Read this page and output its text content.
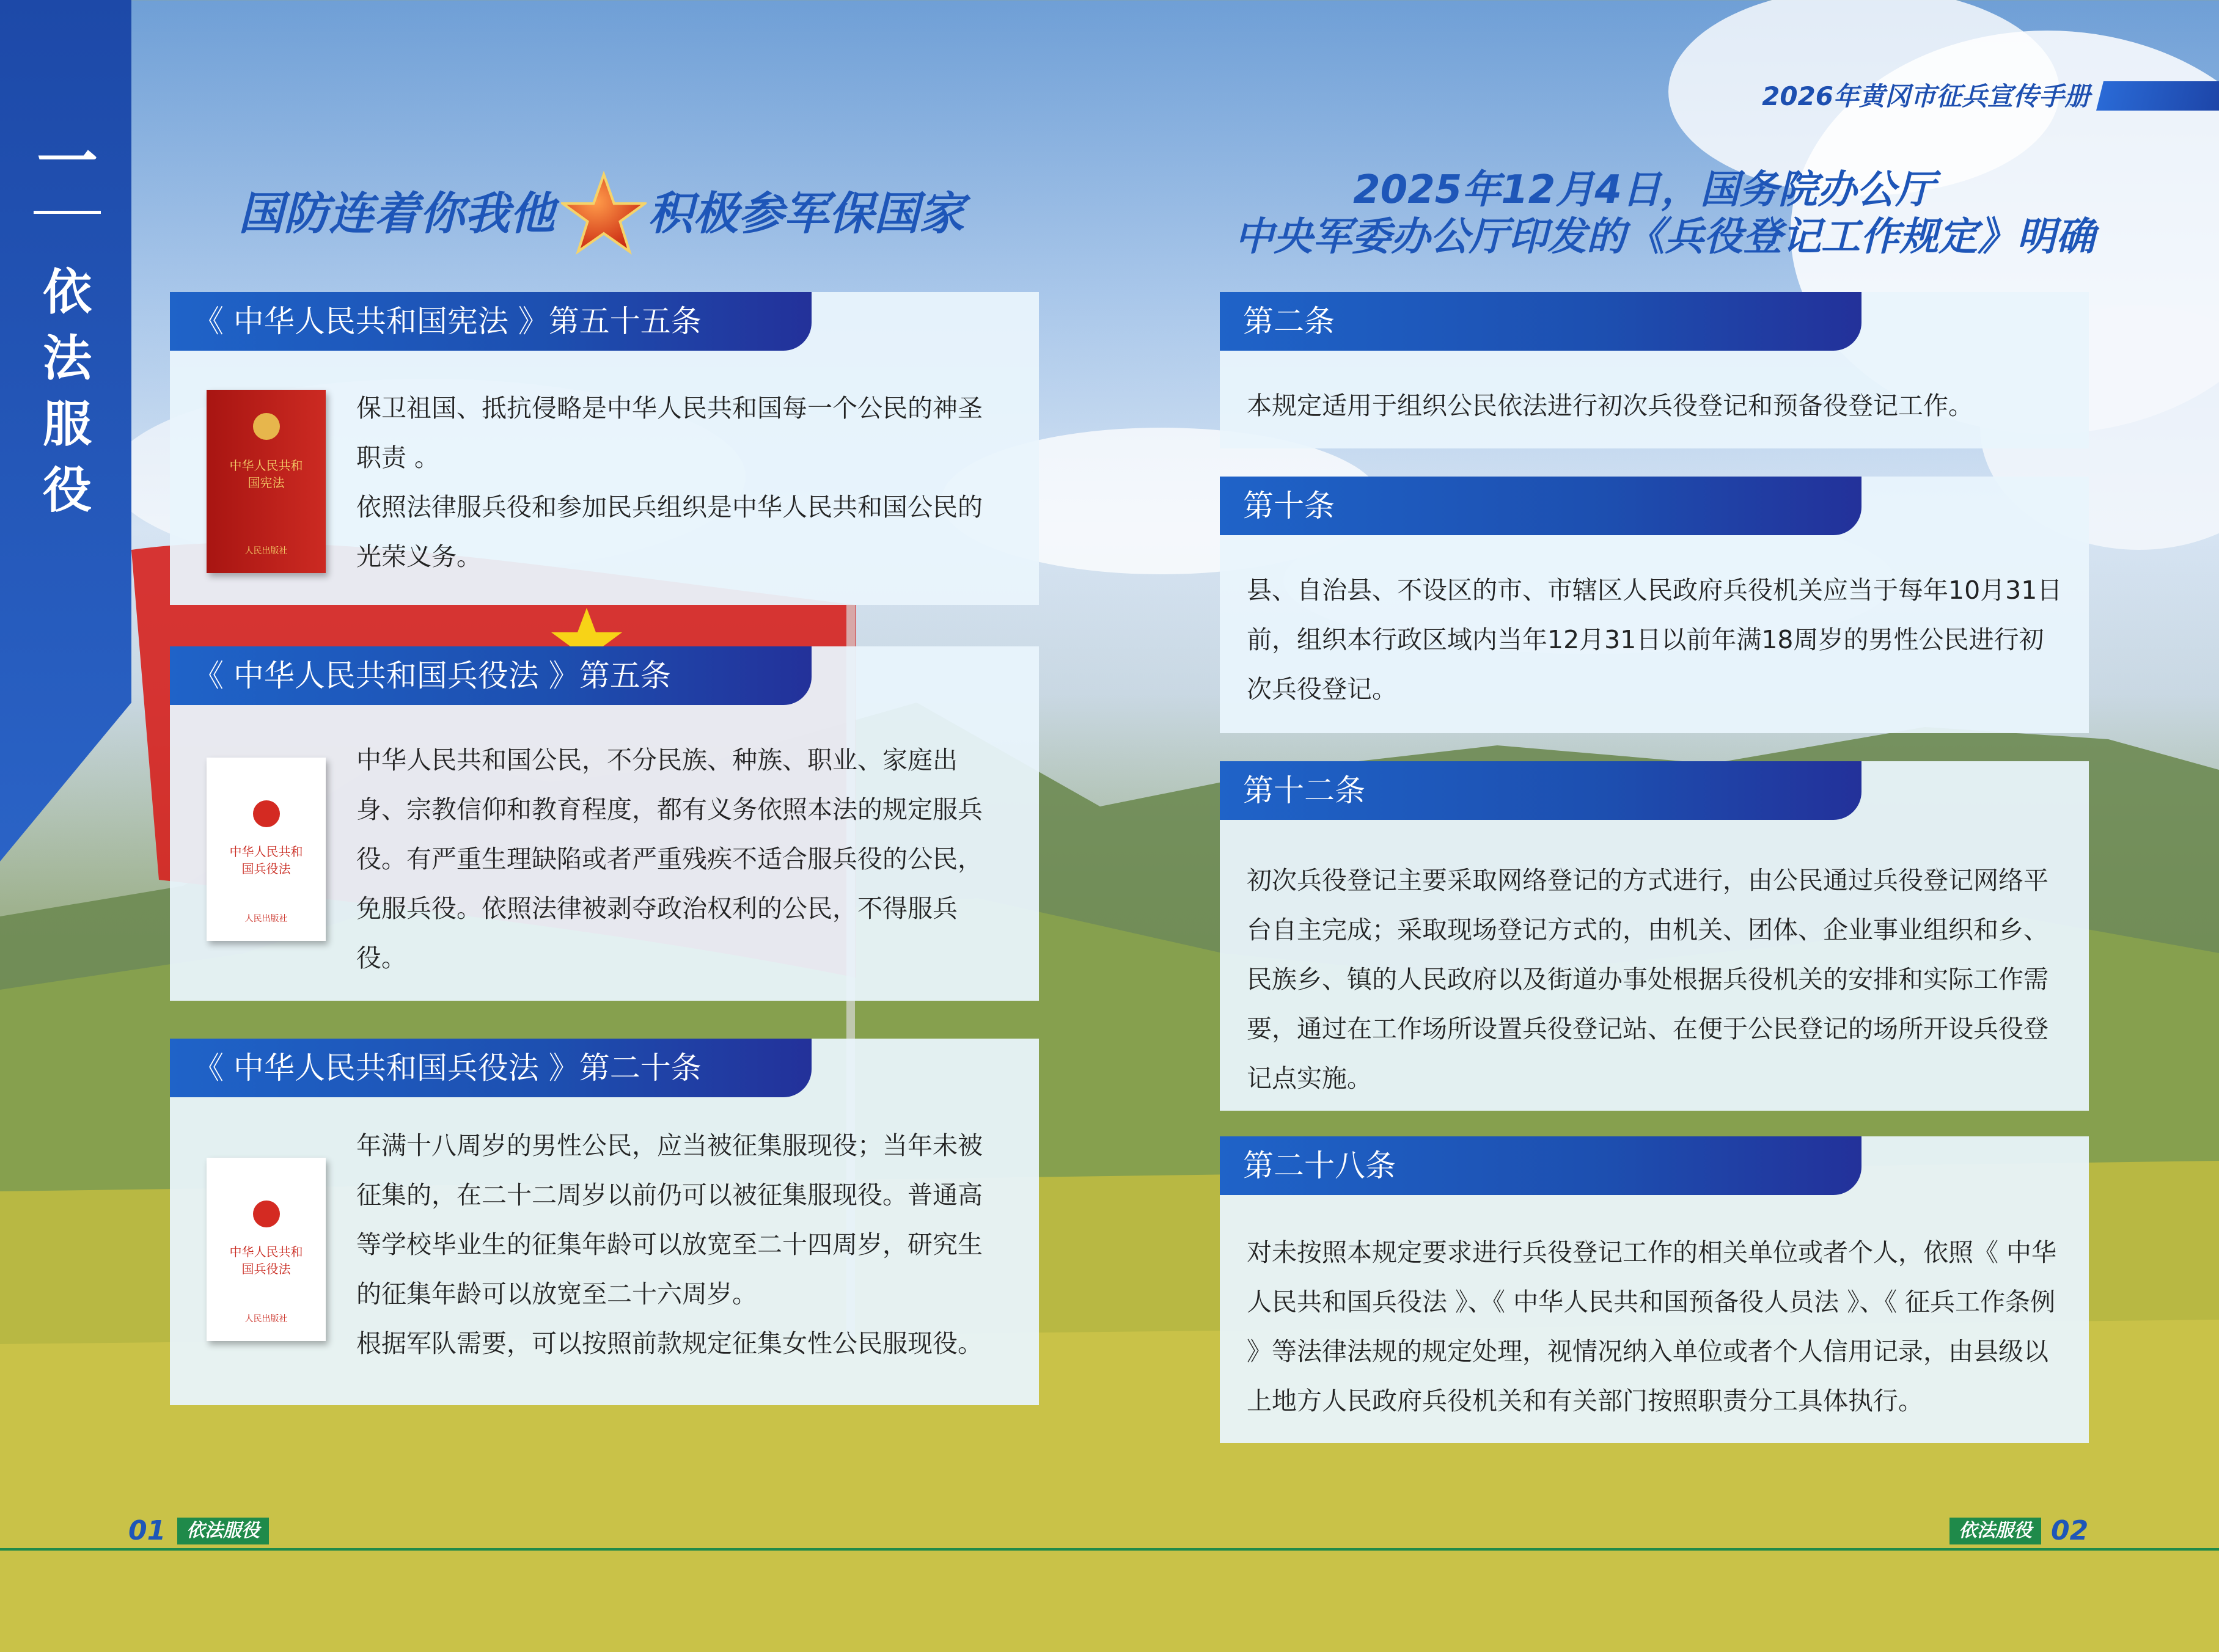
一
依法服役
2026年黄冈市征兵宣传手册
国防连着你我他 积极参军保国家	2025年12月4日，国务院办公厅
中央军委办公厅印发的《兵役登记工作规定》明确
《 中华人民共和国宪法 》第五十五条
中华人民共和国宪法
人民出版社

保卫祖国、抵抗侵略是中华人民共和国每一个公民的神圣职责 。

依照法律服兵役和参加民兵组织是中华人民共和国公民的光荣义务。

《 中华人民共和国兵役法 》第五条
中华人民共和国兵役法
人民出版社

中华人民共和国公民，不分民族、种族、职业、家庭出身、宗教信仰和教育程度，都有义务依照本法的规定服兵役。有严重生理缺陷或者严重残疾不适合服兵役的公民，免服兵役。依照法律被剥夺政治权利的公民，不得服兵役。

《 中华人民共和国兵役法 》第二十条
中华人民共和国兵役法
人民出版社

年满十八周岁的男性公民，应当被征集服现役；当年未被征集的，在二十二周岁以前仍可以被征集服现役。普通高等学校毕业生的征集年龄可以放宽至二十四周岁，研究生的征集年龄可以放宽至二十六周岁。

根据军队需要，可以按照前款规定征集女性公民服现役。

第二条
本规定适用于组织公民依法进行初次兵役登记和预备役登记工作。
第十条
县、自治县、不设区的市、市辖区人民政府兵役机关应当于每年10月31日前，组织本行政区域内当年12月31日以前年满18周岁的男性公民进行初次兵役登记。
第十二条
初次兵役登记主要采取网络登记的方式进行，由公民通过兵役登记网络平台自主完成；采取现场登记方式的，由机关、团体、企业事业组织和乡、民族乡、镇的人民政府以及街道办事处根据兵役机关的安排和实际工作需要，通过在工作场所设置兵役登记站、在便于公民登记的场所开设兵役登记点实施。
第二十八条
对未按照本规定要求进行兵役登记工作的相关单位或者个人，依照《 中华人民共和国兵役法 》、《 中华人民共和国预备役人员法 》、《 征兵工作条例 》等法律法规的规定处理，视情况纳入单位或者个人信用记录，由县级以上地方人民政府兵役机关和有关部门按照职责分工具体执行。
01	依法服役	依法服役 02
